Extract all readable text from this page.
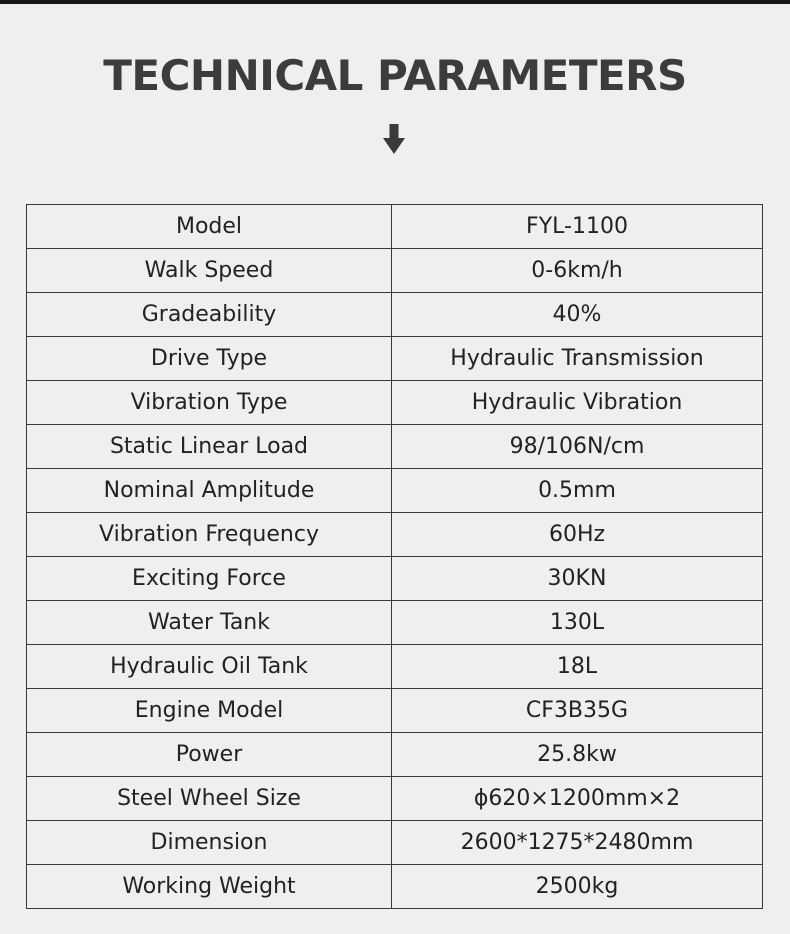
TECHNICAL PARAMETERS
Model	FYL-1100
Walk Speed	0-6km/h
Gradeability	40%
Drive Type	Hydraulic Transmission
Vibration Type	Hydraulic Vibration
Static Linear Load	98/106N/cm
Nominal Amplitude	0.5mm
Vibration Frequency	60Hz
Exciting Force	30KN
Water Tank	130L
Hydraulic Oil Tank	18L
Engine Model	CF3B35G
Power	25.8kw
Steel Wheel Size	ϕ620×1200mm×2
Dimension	2600*1275*2480mm
Working Weight	2500kg
